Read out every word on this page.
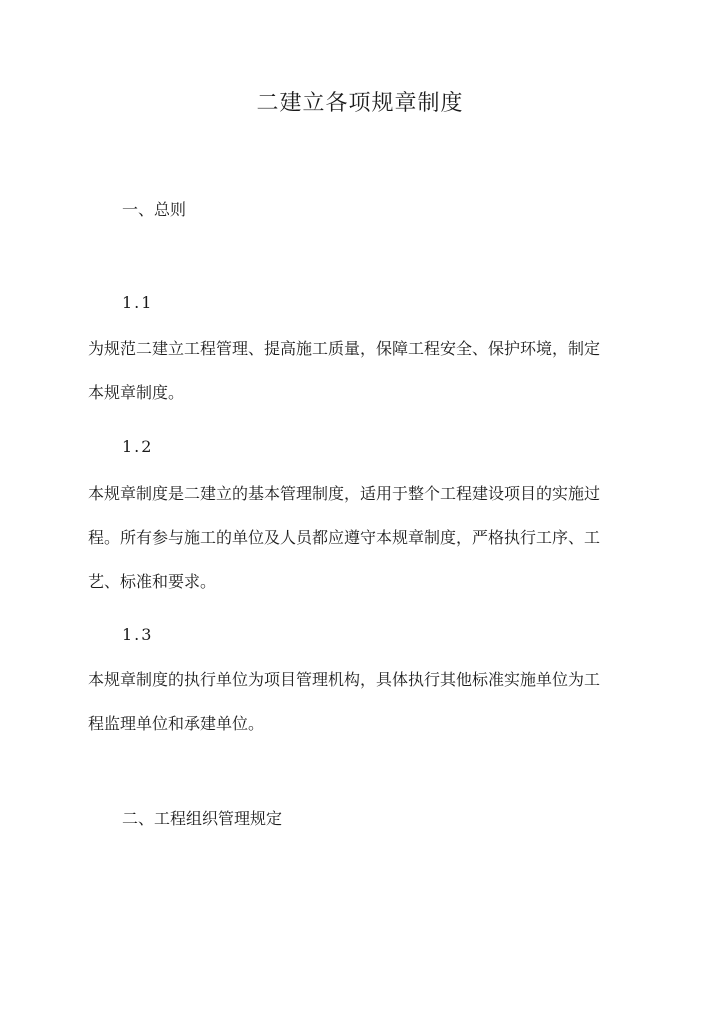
二建立各项规章制度
一、总则
1.1
为规范二建立工程管理、提高施工质量，保障工程安全、保护环境，制定
本规章制度。
1.2
本规章制度是二建立的基本管理制度，适用于整个工程建设项目的实施过
程。所有参与施工的单位及人员都应遵守本规章制度，严格执行工序、工
艺、标准和要求。
1.3
本规章制度的执行单位为项目管理机构，具体执行其他标准实施单位为工
程监理单位和承建单位。
二、工程组织管理规定
